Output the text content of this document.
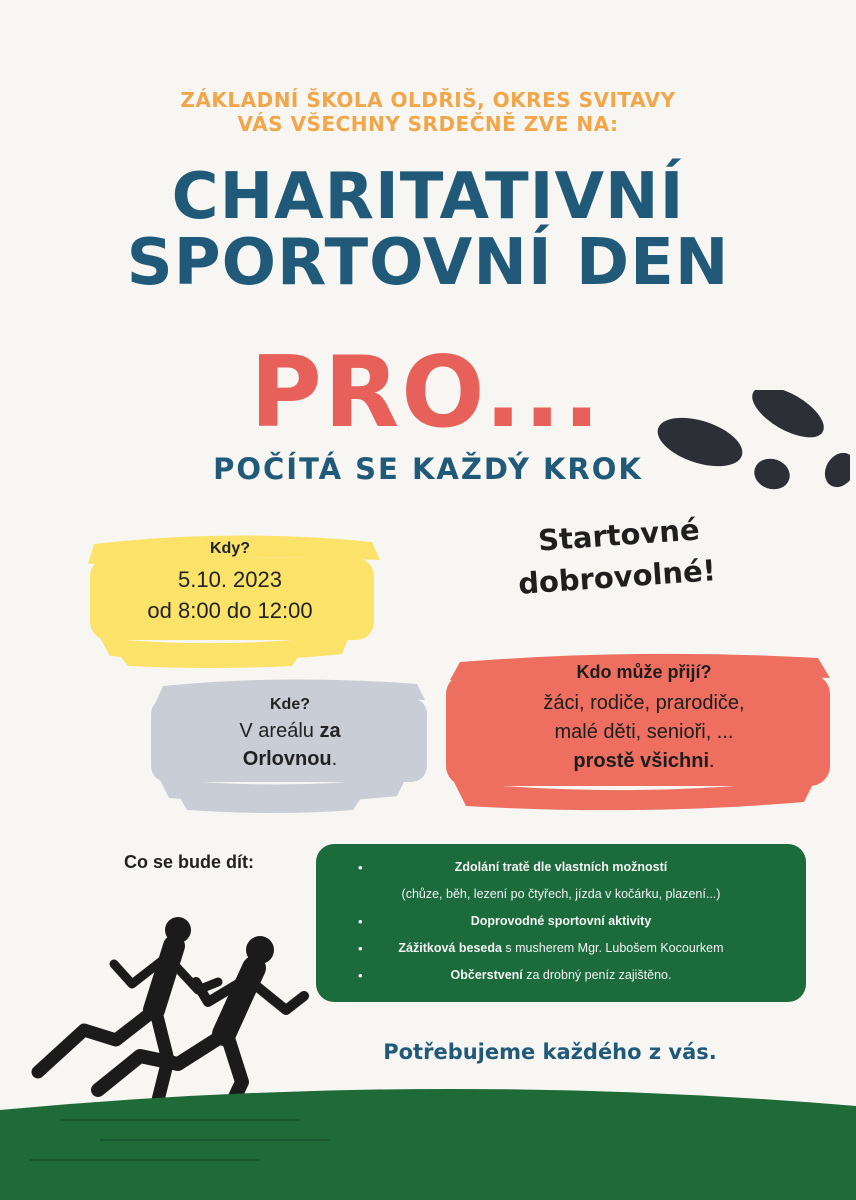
ZÁKLADNÍ ŠKOLA OLDŘIŠ, OKRES SVITAVY
VÁS VŠECHNY SRDEČNĚ ZVE NA:
CHARITATIVNÍ
SPORTOVNÍ DEN
PRO...
POČÍTÁ SE KAŽDÝ KROK
Startovné
dobrovolné!
Kdy?
5.10. 2023
od 8:00 do 12:00
Kde?
V areálu za
Orlovnou.
Kdo může přijí?
žáci, rodiče, prarodiče,
malé děti, senioři, ...
prostě všichni.
Co se bude dít:	•	Zdolání tratě dle vlastních možností
(chůze, běh, lezení po čtyřech, jízda v kočárku, plazení...)
•	Doprovodné sportovní aktivity
•	Zážitková beseda s musherem Mgr. Lubošem Kocourkem
•	Občerstvení za drobný peníz zajištěno.
Potřebujeme každého z vás.
